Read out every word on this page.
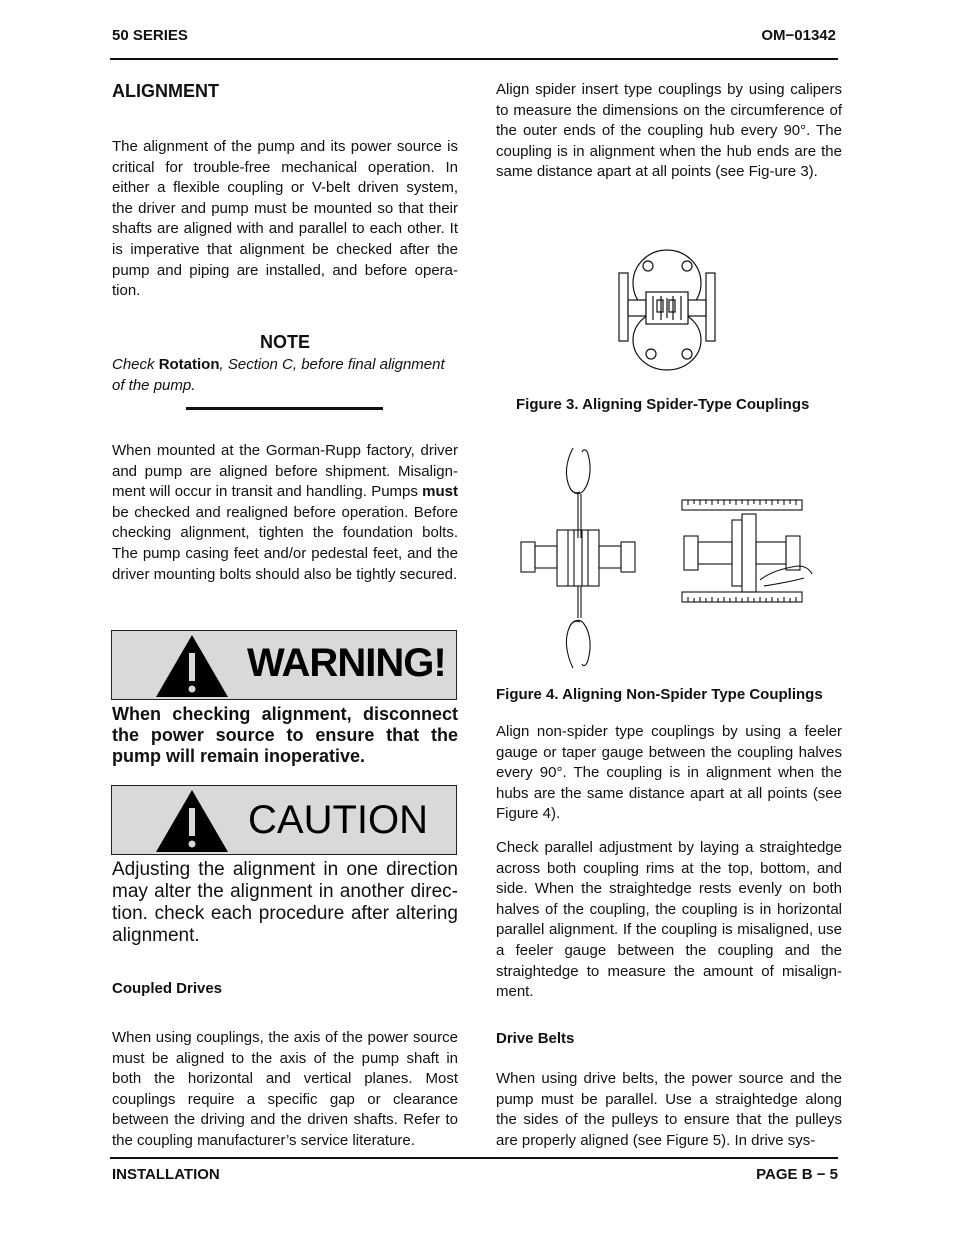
50 SERIES	OM−01342
ALIGNMENT

The alignment of the pump and its power source is critical for trouble-free mechanical operation. In either a flexible coupling or V-belt driven system, the driver and pump must be mounted so that their shafts are aligned with and parallel to each other. It is imperative that alignment be checked after the pump and piping are installed, and before opera-tion.

NOTE
Check Rotation, Section C, before final alignment of the pump.

When mounted at the Gorman-Rupp factory, driver and pump are aligned before shipment. Misalign-ment will occur in transit and handling. Pumps must be checked and realigned before operation. Before checking alignment, tighten the foundation bolts. The pump casing feet and/or pedestal feet, and the driver mounting bolts should also be tightly secured.

WARNING!
When checking alignment, disconnect the power source to ensure that the pump will remain inoperative.
CAUTION
Adjusting the alignment in one direction may alter the alignment in another direc-tion. check each procedure after altering alignment.
Coupled Drives

When using couplings, the axis of the power source must be aligned to the axis of the pump shaft in both the horizontal and vertical planes. Most couplings require a specific gap or clearance between the driving and the driven shafts. Refer to the coupling manufacturer’s service literature.

Align spider insert type couplings by using calipers to measure the dimensions on the circumference of the outer ends of the coupling hub every 90°. The coupling is in alignment when the hub ends are the same distance apart at all points (see Fig-ure 3).

Figure 3. Aligning Spider-Type Couplings
Figure 4. Aligning Non-Spider Type Couplings

Align non-spider type couplings by using a feeler gauge or taper gauge between the coupling halves every 90°. The coupling is in alignment when the hubs are the same distance apart at all points (see Figure 4).

Check parallel adjustment by laying a straightedge across both coupling rims at the top, bottom, and side. When the straightedge rests evenly on both halves of the coupling, the coupling is in horizontal parallel alignment. If the coupling is misaligned, use a feeler gauge between the coupling and the straightedge to measure the amount of misalign-ment.

Drive Belts

When using drive belts, the power source and the pump must be parallel. Use a straightedge along the sides of the pulleys to ensure that the pulleys are properly aligned (see Figure 5). In drive sys-

INSTALLATION	PAGE B − 5
